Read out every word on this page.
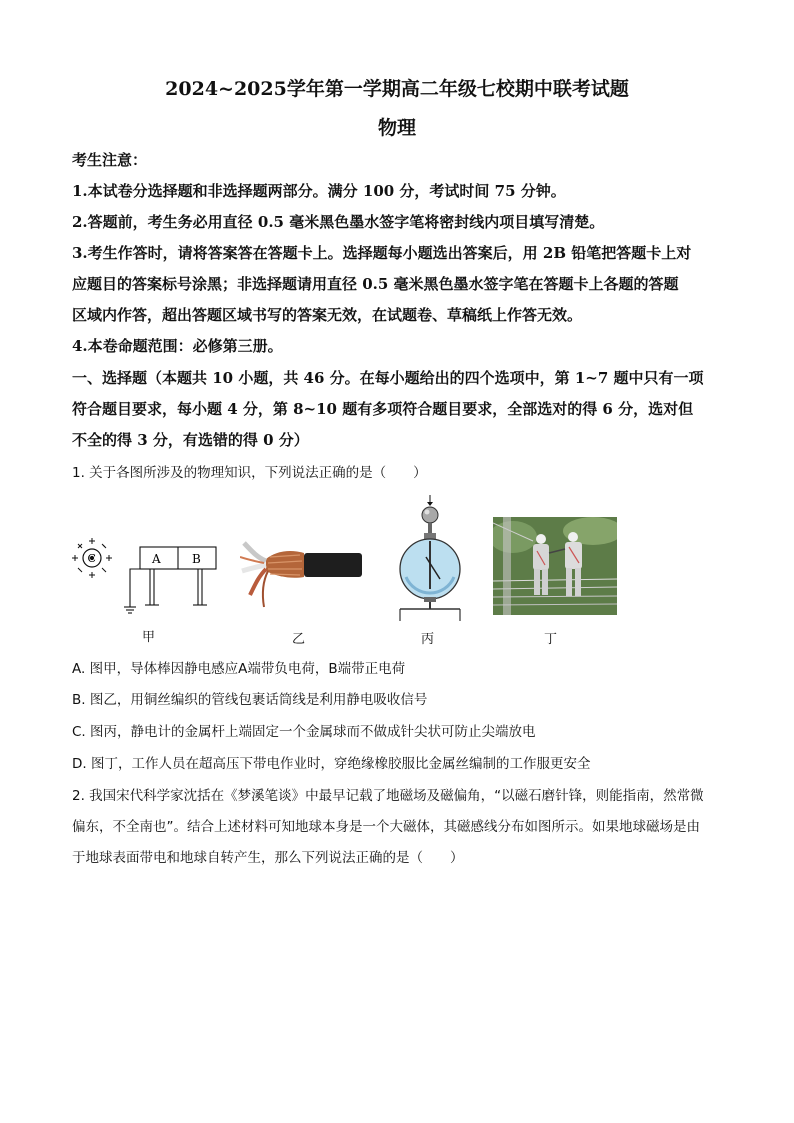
2024~2025学年第一学期高二年级七校期中联考试题
物理
考生注意：
1.本试卷分选择题和非选择题两部分。满分 100 分，考试时间 75 分钟。
2.答题前，考生务必用直径 0.5 毫米黑色墨水签字笔将密封线内项目填写清楚。
3.考生作答时，请将答案答在答题卡上。选择题每小题选出答案后，用 2B 铅笔把答题卡上对
应题目的答案标号涂黑；非选择题请用直径 0.5 毫米黑色墨水签字笔在答题卡上各题的答题
区域内作答，超出答题区域书写的答案无效，在试题卷、草稿纸上作答无效。
4.本卷命题范围：必修第三册。
一、选择题（本题共 10 小题，共 46 分。在每小题给出的四个选项中，第 1~7 题中只有一项
符合题目要求，每小题 4 分，第 8~10 题有多项符合题目要求，全部选对的得 6 分，选对但
不全的得 3 分，有选错的得 0 分）
1. 关于各图所涉及的物理知识，下列说法正确的是（　　）
C	A	B
甲	乙	丙	丁
A. 图甲，导体棒因静电感应A端带负电荷，B端带正电荷
B. 图乙，用铜丝编织的管线包裹话筒线是利用静电吸收信号
C. 图丙，静电计的金属杆上端固定一个金属球而不做成针尖状可防止尖端放电
D. 图丁，工作人员在超高压下带电作业时，穿绝缘橡胶服比金属丝编制的工作服更安全
2. 我国宋代科学家沈括在《梦溪笔谈》中最早记载了地磁场及磁偏角，“以磁石磨针锋，则能指南，然常微
偏东，不全南也”。结合上述材料可知地球本身是一个大磁体，其磁感线分布如图所示。如果地球磁场是由
于地球表面带电和地球自转产生，那么下列说法正确的是（　　）
